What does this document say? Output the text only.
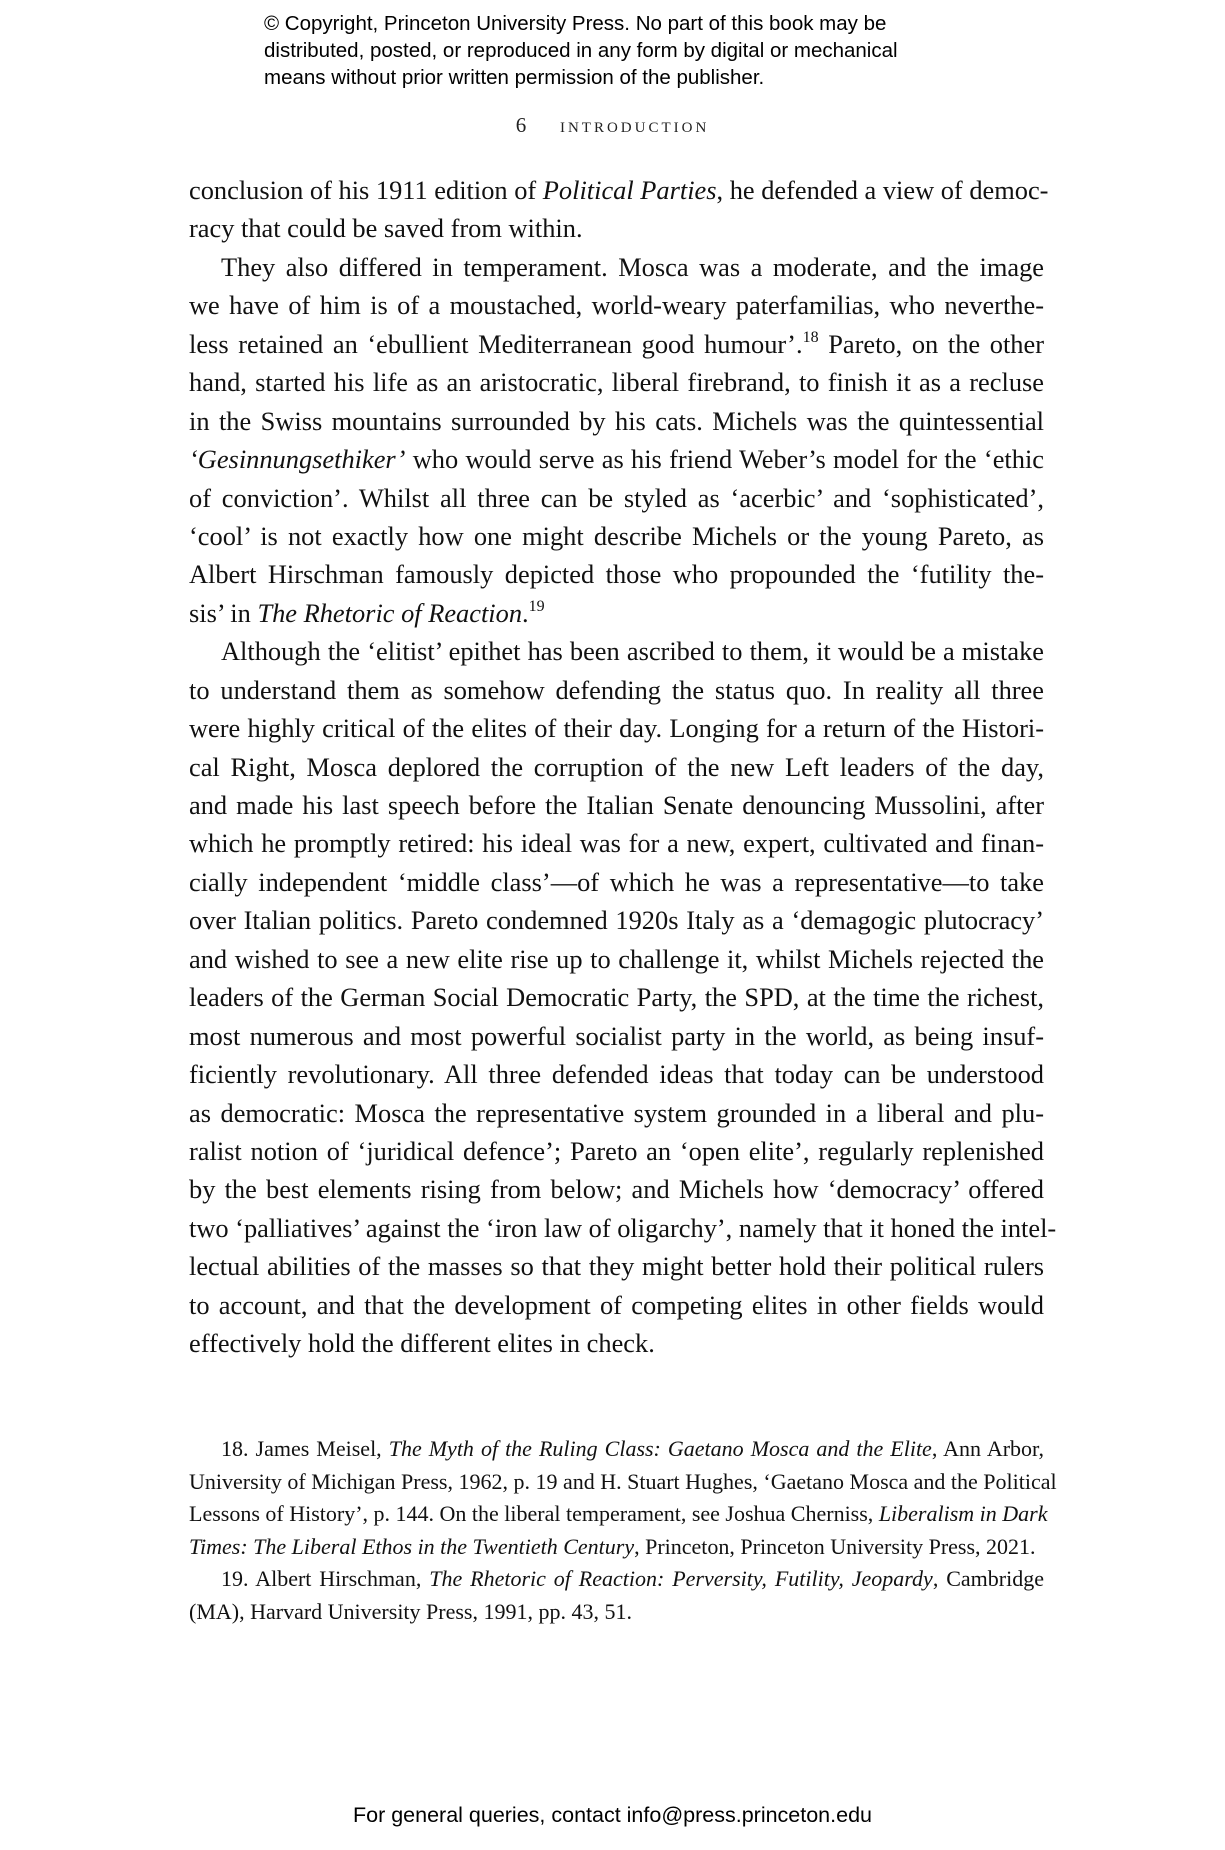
© Copyright, Princeton University Press. No part of this book may be
distributed, posted, or reproduced in any form by digital or mechanical
means without prior written permission of the publisher.
6 introduction
conclusion of his 1911 edition of Political Parties, he defended a view of democ-
racy that could be saved from within.
They also differed in temperament. Mosca was a moderate, and the image
we have of him is of a moustached, world-weary paterfamilias, who neverthe-
less retained an ‘ebullient Mediterranean good humour’.$^{18}$ Pareto, on the other
hand, started his life as an aristocratic, liberal firebrand, to finish it as a recluse
in the Swiss mountains surrounded by his cats. Michels was the quintessential
‘Gesinnungsethiker’ who would serve as his friend Weber’s model for the ‘ethic
of conviction’. Whilst all three can be styled as ‘acerbic’ and ‘sophisticated’,
‘cool’ is not exactly how one might describe Michels or the young Pareto, as
Albert Hirschman famously depicted those who propounded the ‘futility the-
sis’ in The Rhetoric of Reaction.$^{19}$
Although the ‘elitist’ epithet has been ascribed to them, it would be a mistake
to understand them as somehow defending the status quo. In reality all three
were highly critical of the elites of their day. Longing for a return of the Histori-
cal Right, Mosca deplored the corruption of the new Left leaders of the day,
and made his last speech before the Italian Senate denouncing Mussolini, after
which he promptly retired: his ideal was for a new, expert, cultivated and finan-
cially independent ‘middle class’—of which he was a representative—to take
over Italian politics. Pareto condemned 1920s Italy as a ‘demagogic plutocracy’
and wished to see a new elite rise up to challenge it, whilst Michels rejected the
leaders of the German Social Democratic Party, the SPD, at the time the richest,
most numerous and most powerful socialist party in the world, as being insuf-
ficiently revolutionary. All three defended ideas that today can be understood
as democratic: Mosca the representative system grounded in a liberal and plu-
ralist notion of ‘juridical defence’; Pareto an ‘open elite’, regularly replenished
by the best elements rising from below; and Michels how ‘democracy’ offered
two ‘palliatives’ against the ‘iron law of oligarchy’, namely that it honed the intel-
lectual abilities of the masses so that they might better hold their political rulers
to account, and that the development of competing elites in other fields would
effectively hold the different elites in check.
18. James Meisel, The Myth of the Ruling Class: Gaetano Mosca and the Elite, Ann Arbor,
University of Michigan Press, 1962, p. 19 and H. Stuart Hughes, ‘Gaetano Mosca and the Political
Lessons of History’, p. 144. On the liberal temperament, see Joshua Cherniss, Liberalism in Dark
Times: The Liberal Ethos in the Twentieth Century, Princeton, Princeton University Press, 2021.
19. Albert Hirschman, The Rhetoric of Reaction: Perversity, Futility, Jeopardy, Cambridge
(MA), Harvard University Press, 1991, pp. 43, 51.
For general queries, contact info@press.princeton.edu
